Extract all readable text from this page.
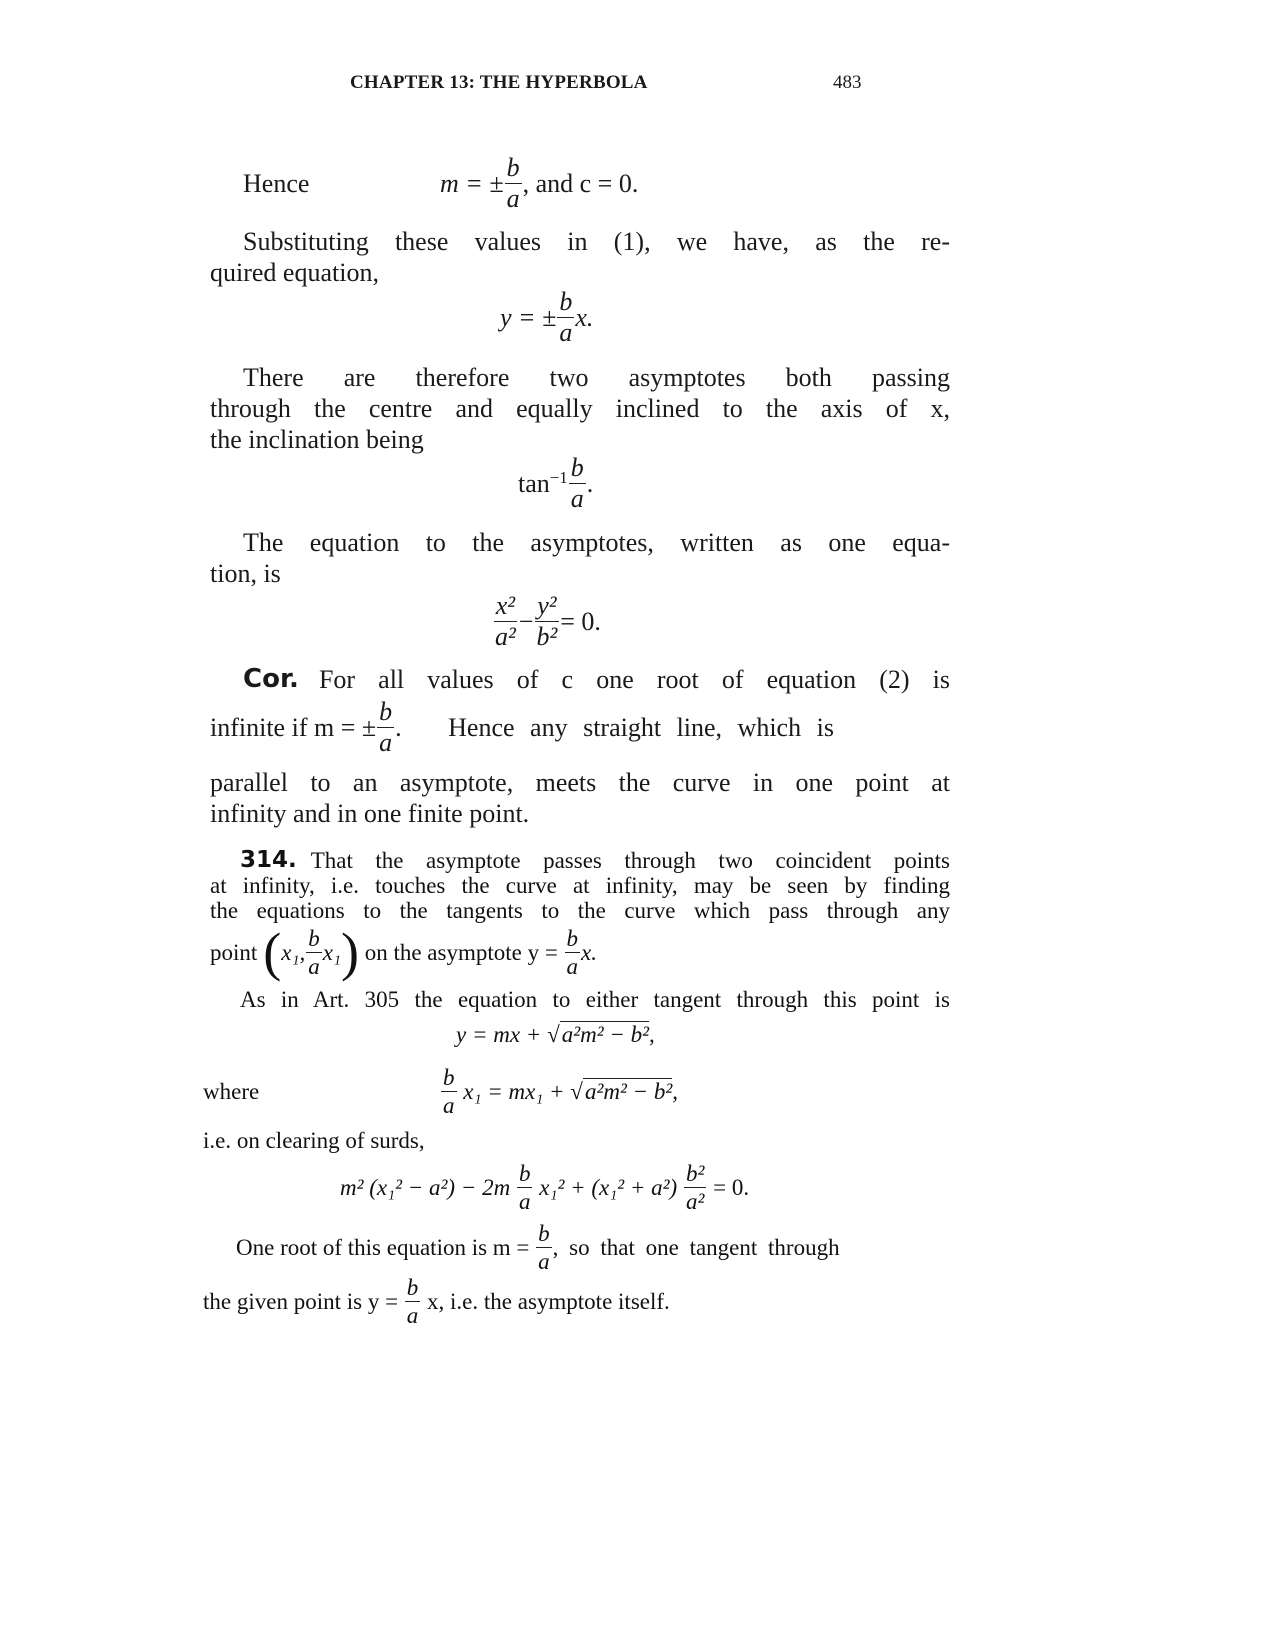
CHAPTER 13: THE HYPERBOLA	483
Hence	m = ± $\frac{b}{a}$ , and c = 0.
Substituting these values in (1), we have, as the re-
quired equation,
y = ± $\frac{b}{a} x$.
There are therefore two asymptotes both passing
through the centre and equally inclined to the axis of x,
the inclination being
$\tan^{-1} \frac{b}{a}$ .
The equation to the asymptotes, written as one equa-
tion, is
$\frac{\text{x²}}{\text{a²}} - \frac{\text{y²}}{\text{b²}} = 0$.
Cor. For all values of c one root of equation (2) is
infinite if m = ± $\frac{b}{a}$ .   Hence any straight line, which is
parallel to an asymptote, meets the curve in one point at
infinity and in one finite point.
314. That the asymptote passes through two coincident points
at infinity, i.e. touches the curve at infinity, may be seen by finding
the equations to the tangents to the curve which pass through any
point ( x₁, $\frac{b}{a} x_1$ ) on the asymptote $y = \frac{b}{a} x$.
As in Art. 305 the equation to either tangent through this point is
y = mx + √a²m² − b²,
where	$\frac{b}{a} x_1 = mx_1$ + √ a²m² − b² ,
i.e. on clearing of surds,
m² $(x_1^2 - a^2) - 2m \frac{b}{a} x_1^2 + (x_1^2 + a^2) \frac{\text{b²}}{\text{a²}} = 0$.
One root of this equation is $m = \frac{b}{a}$ , so that one tangent through
the given point is $y = \frac{b}{a} x$, i.e. the asymptote itself.
